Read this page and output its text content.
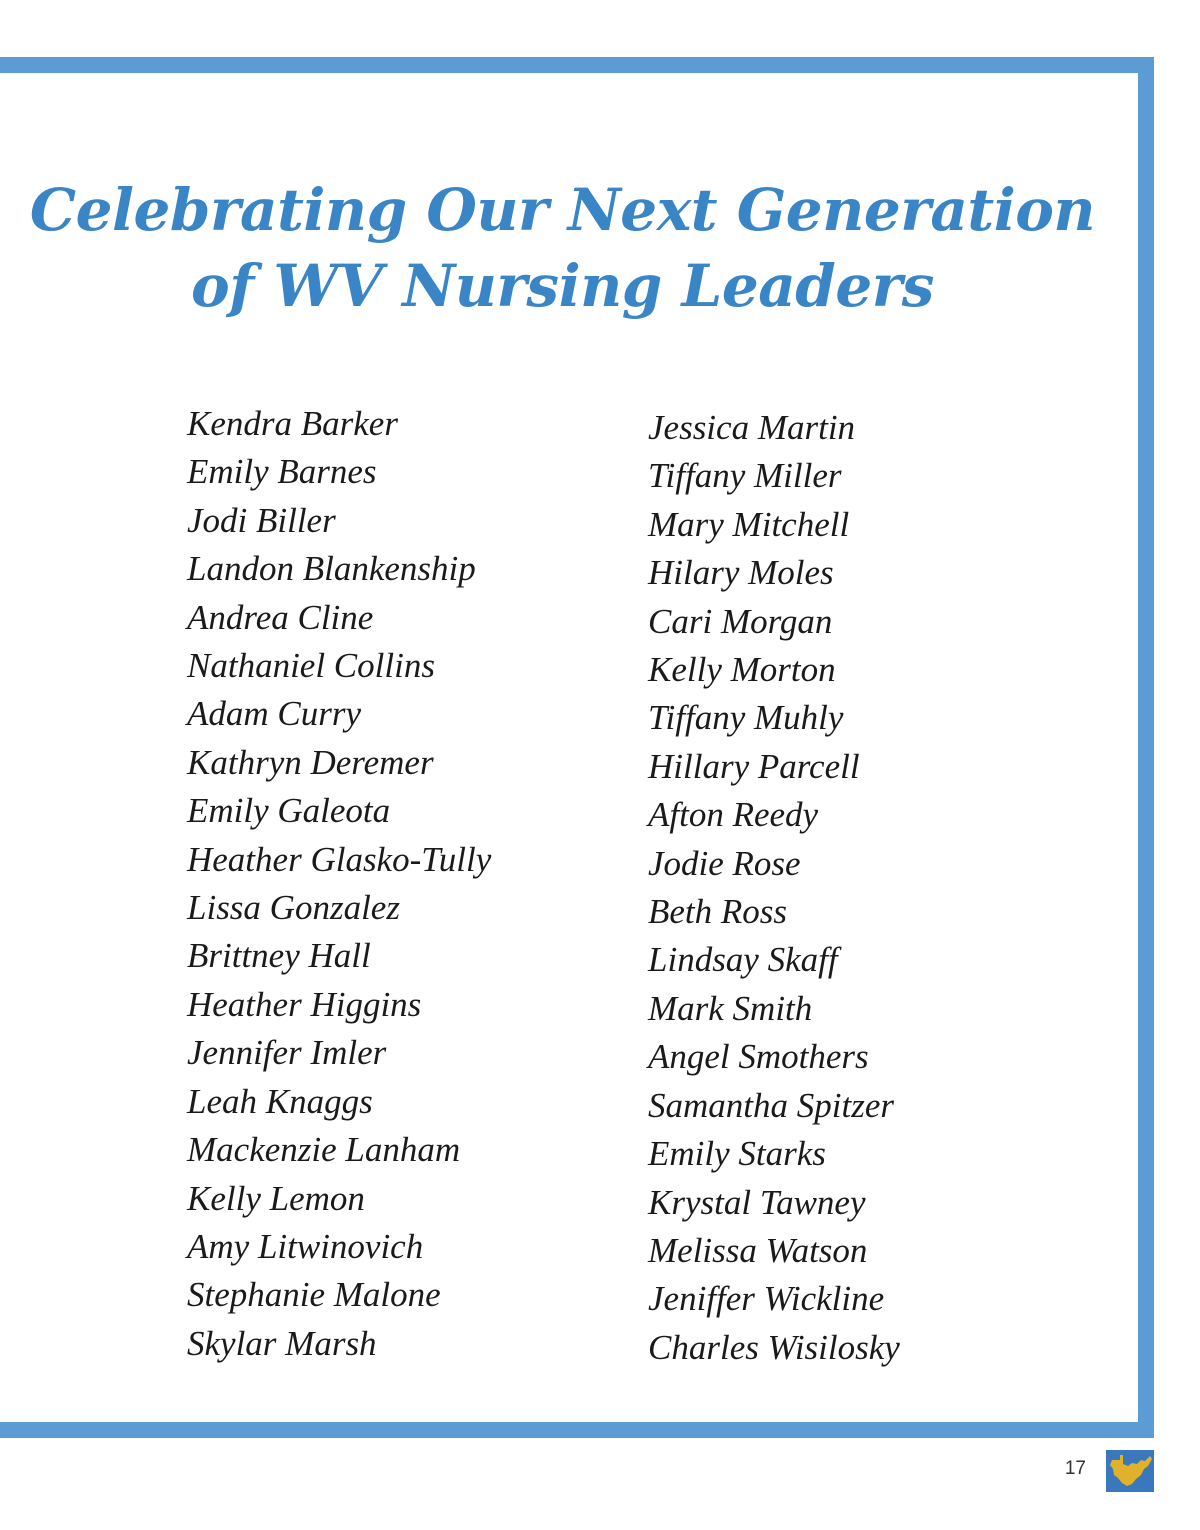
Celebrating Our Next Generation
of WV Nursing Leaders
Kendra Barker
Emily Barnes
Jodi Biller
Landon Blankenship
Andrea Cline
Nathaniel Collins
Adam Curry
Kathryn Deremer
Emily Galeota
Heather Glasko-Tully
Lissa Gonzalez
Brittney Hall
Heather Higgins
Jennifer Imler
Leah Knaggs
Mackenzie Lanham
Kelly Lemon
Amy Litwinovich
Stephanie Malone
Skylar Marsh
Jessica Martin
Tiffany Miller
Mary Mitchell
Hilary Moles
Cari Morgan
Kelly Morton
Tiffany Muhly
Hillary Parcell
Afton Reedy
Jodie Rose
Beth Ross
Lindsay Skaff
Mark Smith
Angel Smothers
Samantha Spitzer
Emily Starks
Krystal Tawney
Melissa Watson
Jeniffer Wickline
Charles Wisilosky
17
